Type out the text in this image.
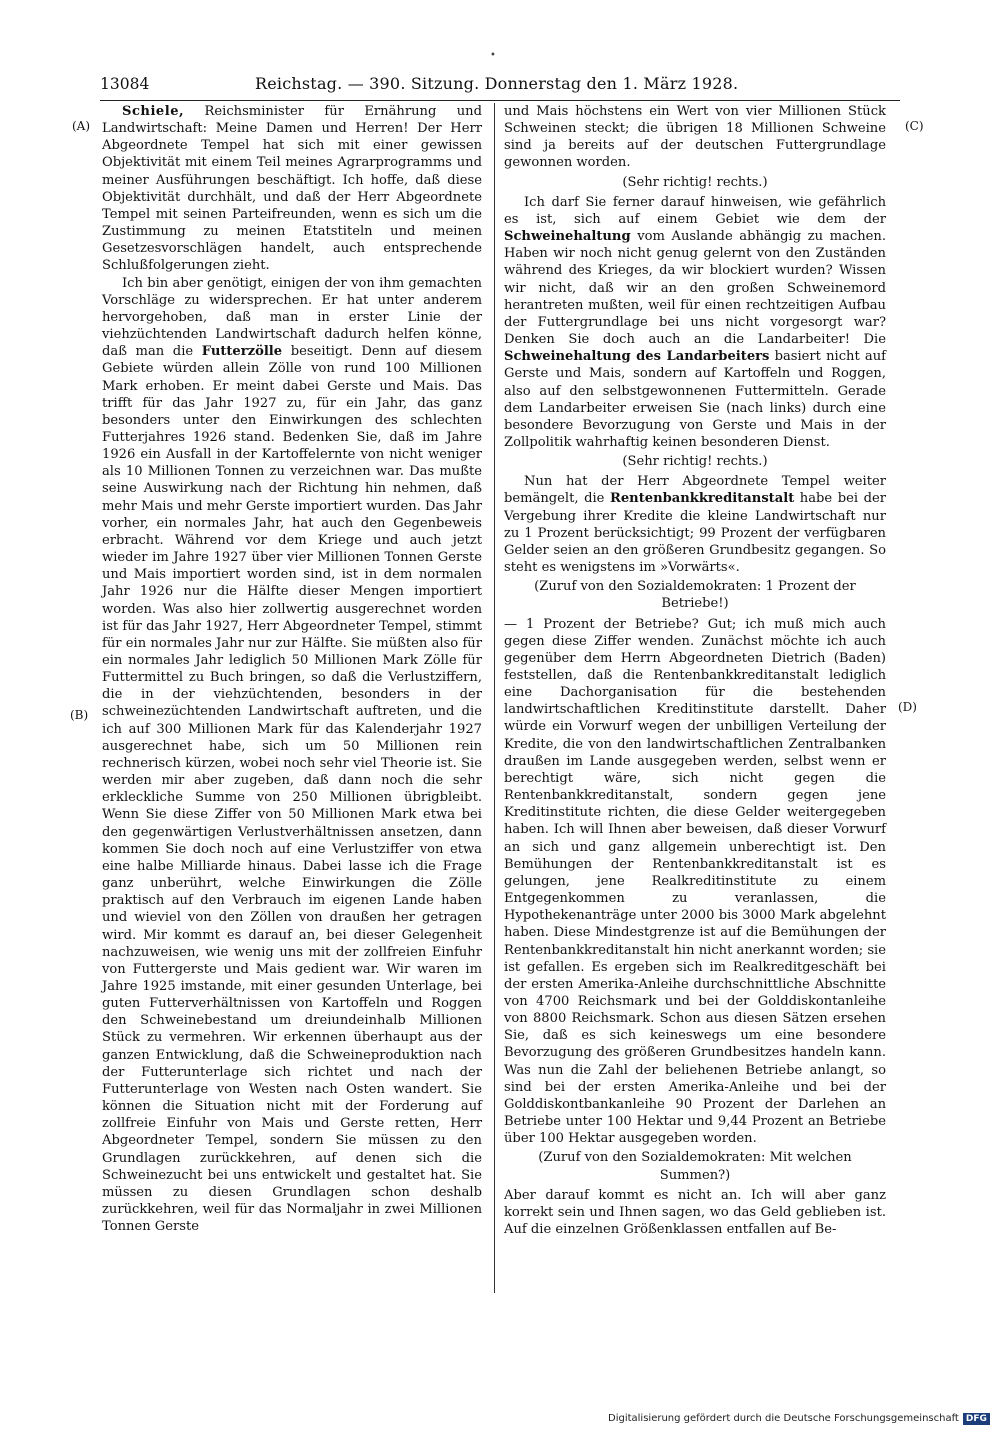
•
13084	Reichstag. — 390. Sitzung. Donnerstag den 1. März 1928.
(A)
(B)
(C)
(D)

Schiele, Reichsminister für Ernährung und Landwirtschaft: Meine Damen und Herren! Der Herr Abgeordnete Tempel hat sich mit einer gewissen Objektivität mit einem Teil meines Agrarprogramms und meiner Ausführungen beschäftigt. Ich hoffe, daß diese Objektivität durchhält, und daß der Herr Abgeordnete Tempel mit seinen Parteifreunden, wenn es sich um die Zustimmung zu meinen Etatstiteln und meinen Gesetzesvorschlägen handelt, auch entsprechende Schlußfolgerungen zieht.

Ich bin aber genötigt, einigen der von ihm gemachten Vorschläge zu widersprechen. Er hat unter anderem hervorgehoben, daß man in erster Linie der viehzüchtenden Landwirtschaft dadurch helfen könne, daß man die Futterzölle beseitigt. Denn auf diesem Gebiete würden allein Zölle von rund 100 Millionen Mark erhoben. Er meint dabei Gerste und Mais. Das trifft für das Jahr 1927 zu, für ein Jahr, das ganz besonders unter den Einwirkungen des schlechten Futterjahres 1926 stand. Bedenken Sie, daß im Jahre 1926 ein Ausfall in der Kartoffelernte von nicht weniger als 10 Millionen Tonnen zu verzeichnen war. Das mußte seine Auswirkung nach der Richtung hin nehmen, daß mehr Mais und mehr Gerste importiert wurden. Das Jahr vorher, ein normales Jahr, hat auch den Gegenbeweis erbracht. Während vor dem Kriege und auch jetzt wieder im Jahre 1927 über vier Millionen Tonnen Gerste und Mais importiert worden sind, ist in dem normalen Jahr 1926 nur die Hälfte dieser Mengen importiert worden. Was also hier zollwertig ausgerechnet worden ist für das Jahr 1927, Herr Abgeordneter Tempel, stimmt für ein normales Jahr nur zur Hälfte. Sie müßten also für ein normales Jahr lediglich 50 Millionen Mark Zölle für Futtermittel zu Buch bringen, so daß die Verlustziffern, die in der viehzüchtenden, besonders in der schweinezüchtenden Landwirtschaft auftreten, und die ich auf 300 Millionen Mark für das Kalenderjahr 1927 ausgerechnet habe, sich um 50 Millionen rein rechnerisch kürzen, wobei noch sehr viel Theorie ist. Sie werden mir aber zugeben, daß dann noch die sehr erkleckliche Summe von 250 Millionen übrigbleibt. Wenn Sie diese Ziffer von 50 Millionen Mark etwa bei den gegenwärtigen Verlustverhältnissen ansetzen, dann kommen Sie doch noch auf eine Verlustziffer von etwa eine halbe Milliarde hinaus. Dabei lasse ich die Frage ganz unberührt, welche Einwirkungen die Zölle praktisch auf den Verbrauch im eigenen Lande haben und wieviel von den Zöllen von draußen her getragen wird. Mir kommt es darauf an, bei dieser Gelegenheit nachzuweisen, wie wenig uns mit der zollfreien Einfuhr von Futtergerste und Mais gedient war. Wir waren im Jahre 1925 imstande, mit einer gesunden Unterlage, bei guten Futterverhältnissen von Kartoffeln und Roggen den Schweinebestand um dreiundeinhalb Millionen Stück zu vermehren. Wir erkennen überhaupt aus der ganzen Entwicklung, daß die Schweineproduktion nach der Futterunterlage sich richtet und nach der Futterunterlage von Westen nach Osten wandert. Sie können die Situation nicht mit der Forderung auf zollfreie Einfuhr von Mais und Gerste retten, Herr Abgeordneter Tempel, sondern Sie müssen zu den Grundlagen zurückkehren, auf denen sich die Schweinezucht bei uns entwickelt und gestaltet hat. Sie müssen zu diesen Grundlagen schon deshalb zurückkehren, weil für das Normaljahr in zwei Millionen Tonnen Gerste

und Mais höchstens ein Wert von vier Millionen Stück Schweinen steckt; die übrigen 18 Millionen Schweine sind ja bereits auf der deutschen Futtergrundlage gewonnen worden.

(Sehr richtig! rechts.)

Ich darf Sie ferner darauf hinweisen, wie gefährlich es ist, sich auf einem Gebiet wie dem der Schweinehaltung vom Auslande abhängig zu machen. Haben wir noch nicht genug gelernt von den Zuständen während des Krieges, da wir blockiert wurden? Wissen wir nicht, daß wir an den großen Schweinemord herantreten mußten, weil für einen rechtzeitigen Aufbau der Futtergrundlage bei uns nicht vorgesorgt war? Denken Sie doch auch an die Landarbeiter! Die Schweinehaltung des Landarbeiters basiert nicht auf Gerste und Mais, sondern auf Kartoffeln und Roggen, also auf den selbstgewonnenen Futtermitteln. Gerade dem Landarbeiter erweisen Sie (nach links) durch eine besondere Bevorzugung von Gerste und Mais in der Zollpolitik wahrhaftig keinen besonderen Dienst.

(Sehr richtig! rechts.)

Nun hat der Herr Abgeordnete Tempel weiter bemängelt, die Rentenbankkreditanstalt habe bei der Vergebung ihrer Kredite die kleine Landwirtschaft nur zu 1 Prozent berücksichtigt; 99 Prozent der verfügbaren Gelder seien an den größeren Grundbesitz gegangen. So steht es wenigstens im »Vorwärts«.

(Zuruf von den Sozialdemokraten: 1 Prozent der Betriebe!)

— 1 Prozent der Betriebe? Gut; ich muß mich auch gegen diese Ziffer wenden. Zunächst möchte ich auch gegenüber dem Herrn Abgeordneten Dietrich (Baden) feststellen, daß die Rentenbankkreditanstalt lediglich eine Dachorganisation für die bestehenden landwirtschaftlichen Kreditinstitute darstellt. Daher würde ein Vorwurf wegen der unbilligen Verteilung der Kredite, die von den landwirtschaftlichen Zentralbanken draußen im Lande ausgegeben werden, selbst wenn er berechtigt wäre, sich nicht gegen die Rentenbankkreditanstalt, sondern gegen jene Kreditinstitute richten, die diese Gelder weitergegeben haben. Ich will Ihnen aber beweisen, daß dieser Vorwurf an sich und ganz allgemein unberechtigt ist. Den Bemühungen der Rentenbankkreditanstalt ist es gelungen, jene Realkreditinstitute zu einem Entgegenkommen zu veranlassen, die Hypothekenanträge unter 2000 bis 3000 Mark abgelehnt haben. Diese Mindestgrenze ist auf die Bemühungen der Rentenbankkreditanstalt hin nicht anerkannt worden; sie ist gefallen. Es ergeben sich im Realkreditgeschäft bei der ersten Amerika-Anleihe durchschnittliche Abschnitte von 4700 Reichsmark und bei der Golddiskontanleihe von 8800 Reichsmark. Schon aus diesen Sätzen ersehen Sie, daß es sich keineswegs um eine besondere Bevorzugung des größeren Grundbesitzes handeln kann. Was nun die Zahl der beliehenen Betriebe anlangt, so sind bei der ersten Amerika-Anleihe und bei der Golddiskontbankanleihe 90 Prozent der Darlehen an Betriebe unter 100 Hektar und 9,44 Prozent an Betriebe über 100 Hektar ausgegeben worden.

(Zuruf von den Sozialdemokraten: Mit welchen Summen?)

Aber darauf kommt es nicht an. Ich will aber ganz korrekt sein und Ihnen sagen, wo das Geld geblieben ist. Auf die einzelnen Größenklassen entfallen auf Be-

Digitalisierung gefördert durch die Deutsche Forschungsgemeinschaft DFG
